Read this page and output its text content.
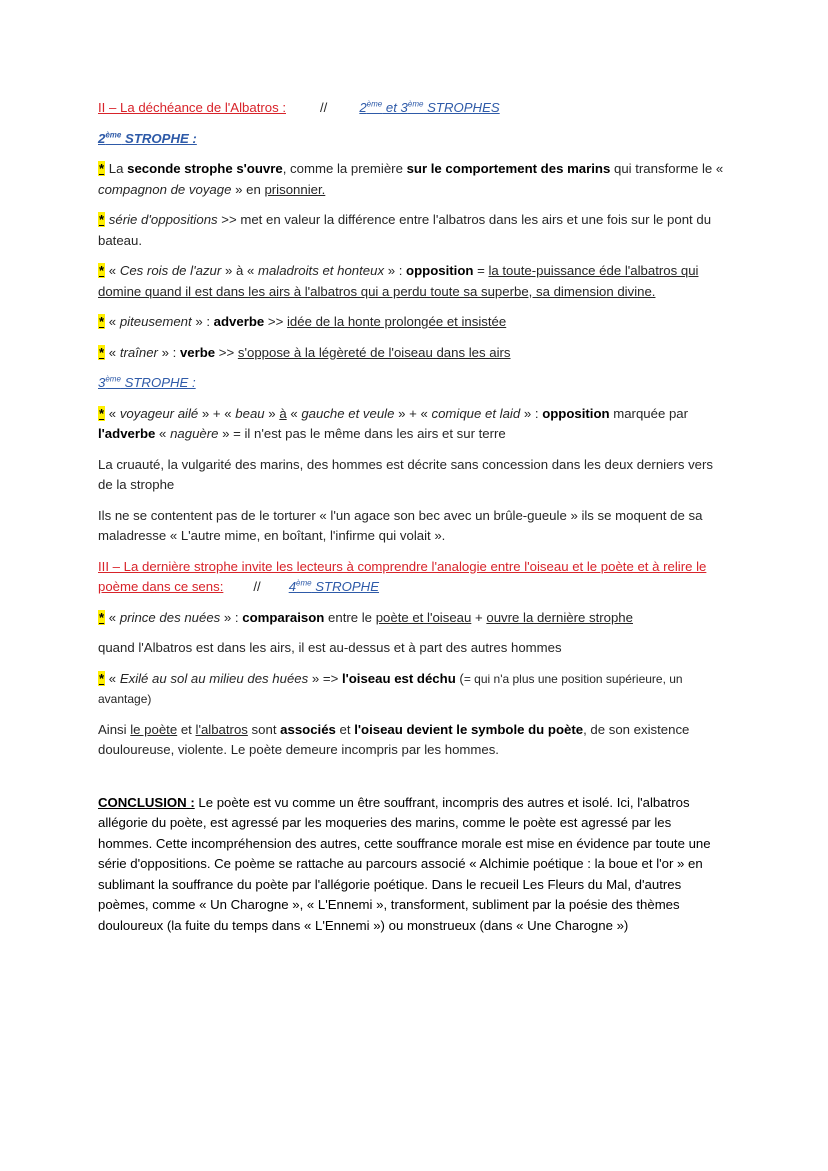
II – La déchéance de l'Albatros :	// 2ème et 3ème STROPHES

2ème STROPHE :

* La seconde strophe s'ouvre, comme la première sur le comportement des marins qui transforme le « compagnon de voyage » en prisonnier.

* série d'oppositions >> met en valeur la différence entre l'albatros dans les airs et une fois sur le pont du bateau.

* « Ces rois de l'azur » à « maladroits et honteux » : opposition = la toute-puissance éde l'albatros qui domine quand il est dans les airs à l'albatros qui a perdu toute sa superbe, sa dimension divine.

* « piteusement » : adverbe >> idée de la honte prolongée et insistée

* « traîner » : verbe >> s'oppose à la légèreté de l'oiseau dans les airs

3ème STROPHE :

* « voyageur ailé » + « beau » à « gauche et veule » + « comique et laid » : opposition marquée par l'adverbe « naguère » = il n'est pas le même dans les airs et sur terre

La cruauté, la vulgarité des marins, des hommes est décrite sans concession dans les deux derniers vers de la strophe

Ils ne se contentent pas de le torturer « l'un agace son bec avec un brûle-gueule » ils se moquent de sa maladresse « L'autre mime, en boîtant, l'infirme qui volait ».

III – La dernière strophe invite les lecteurs à comprendre l'analogie entre l'oiseau et le poète et à relire le poème dans ce sens: // 4ème STROPHE

* « prince des nuées » : comparaison entre le poète et l'oiseau + ouvre la dernière strophe

quand l'Albatros est dans les airs, il est au-dessus et à part des autres hommes

* « Exilé au sol au milieu des huées » => l'oiseau est déchu (= qui n'a plus une position supérieure, un avantage)

Ainsi le poète et l'albatros sont associés et l'oiseau devient le symbole du poète, de son existence douloureuse, violente. Le poète demeure incompris par les hommes.

CONCLUSION : Le poète est vu comme un être souffrant, incompris des autres et isolé. Ici, l'albatros allégorie du poète, est agressé par les moqueries des marins, comme le poète est agressé par les hommes. Cette incompréhension des autres, cette souffrance morale est mise en évidence par toute une série d'oppositions. Ce poème se rattache au parcours associé « Alchimie poétique : la boue et l'or » en sublimant la souffrance du poète par l'allégorie poétique. Dans le recueil Les Fleurs du Mal, d'autres poèmes, comme « Un Charogne », « L'Ennemi », transforment, subliment par la poésie des thèmes douloureux (la fuite du temps dans « L'Ennemi ») ou monstrueux (dans « Une Charogne »)
